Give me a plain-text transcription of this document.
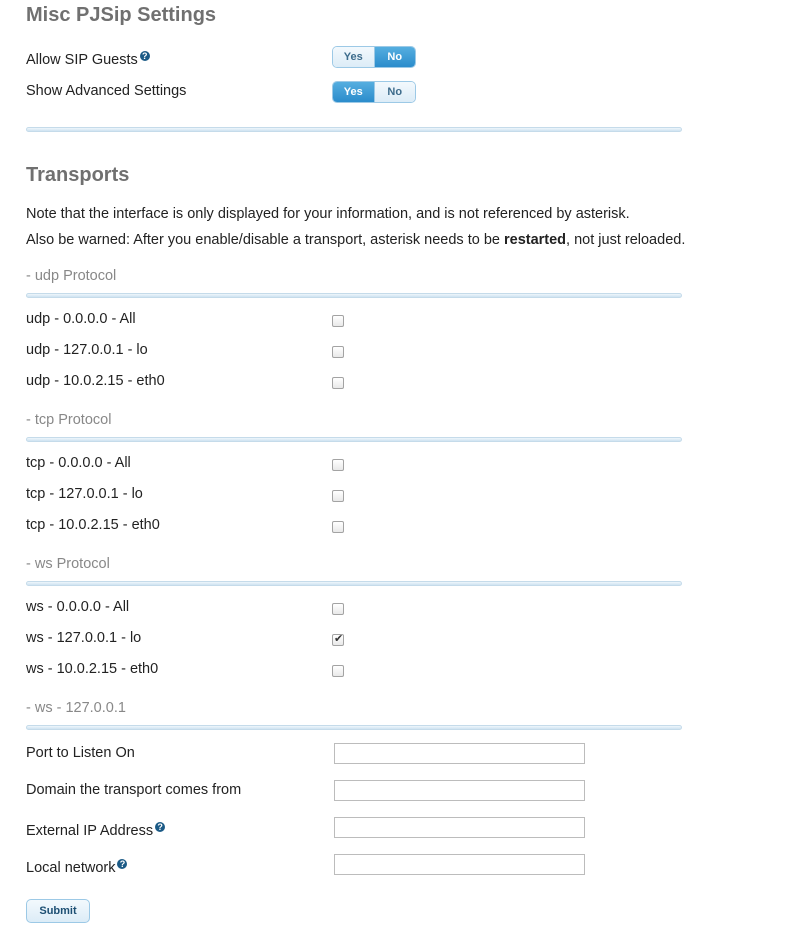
Misc PJSip Settings
Allow SIP Guests ?	Yes	No
Show Advanced Settings	Yes	No
Transports
Note that the interface is only displayed for your information, and is not referenced by asterisk.
Also be warned: After you enable/disable a transport, asterisk needs to be restarted, not just reloaded.
- udp Protocol
udp - 0.0.0.0 - All
udp - 127.0.0.1 - lo
udp - 10.0.2.15 - eth0
- tcp Protocol
tcp - 0.0.0.0 - All
tcp - 127.0.0.1 - lo
tcp - 10.0.2.15 - eth0
- ws Protocol
ws - 0.0.0.0 - All
ws - 127.0.0.1 - lo	✔
ws - 10.0.2.15 - eth0
- ws - 127.0.0.1
Port to Listen On
Domain the transport comes from
External IP Address ?
Local network ?
Submit
